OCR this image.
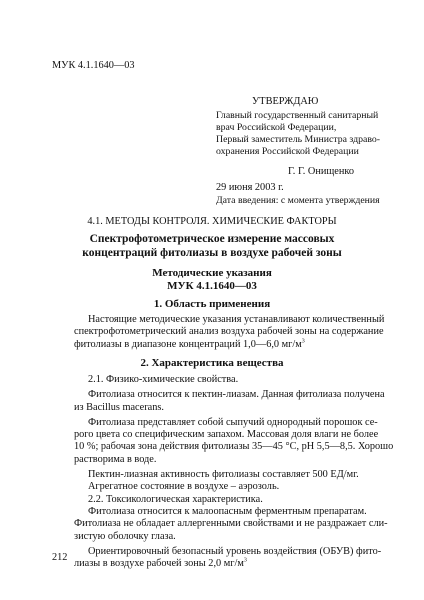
МУК 4.1.1640—03
УТВЕРЖДАЮ
Главный государственный санитарный
врач Российской Федерации,
Первый заместитель Министра здраво-
охранения Российской Федерации
Г. Г. Онищенко
29 июня 2003 г.
Дата введения: с момента утверждения
4.1. МЕТОДЫ КОНТРОЛЯ. ХИМИЧЕСКИЕ ФАКТОРЫ
Спектрофотометрическое измерение массовых
концентраций фитолиазы в воздухе рабочей зоны
Методические указания
МУК 4.1.1640—03
1. Область применения
Настоящие методические указания устанавливают количественный
спектрофотометрический анализ воздуха рабочей зоны на содержание
фитолиазы в диапазоне концентраций 1,0—6,0 $мг/м^3$
2. Характеристика вещества
2.1. Физико-химические свойства.
Фитолиаза относится к пектин-лиазам. Данная фитолиаза получена
из Bacillus macerans.
Фитолиаза представляет собой сыпучий однородный порошок се-
рого цвета со специфическим запахом. Массовая доля влаги не более
10 %; рабочая зона действия фитолиазы 35—45 °С, pH 5,5—8,5. Хорошо
растворима в воде.
Пектин-лиазная активность фитолиазы составляет 500 ЕД/мг.
Агрегатное состояние в воздухе – аэрозоль.
2.2. Токсикологическая характеристика.
Фитолиаза относится к малоопасным ферментным препаратам.
Фитолиаза не обладает аллергенными свойствами и не раздражает сли-
зистую оболочку глаза.
Ориентировочный безопасный уровень воздействия (ОБУВ) фито-
лиазы в воздухе рабочей зоны 2,0 $мг/м^3$
212
